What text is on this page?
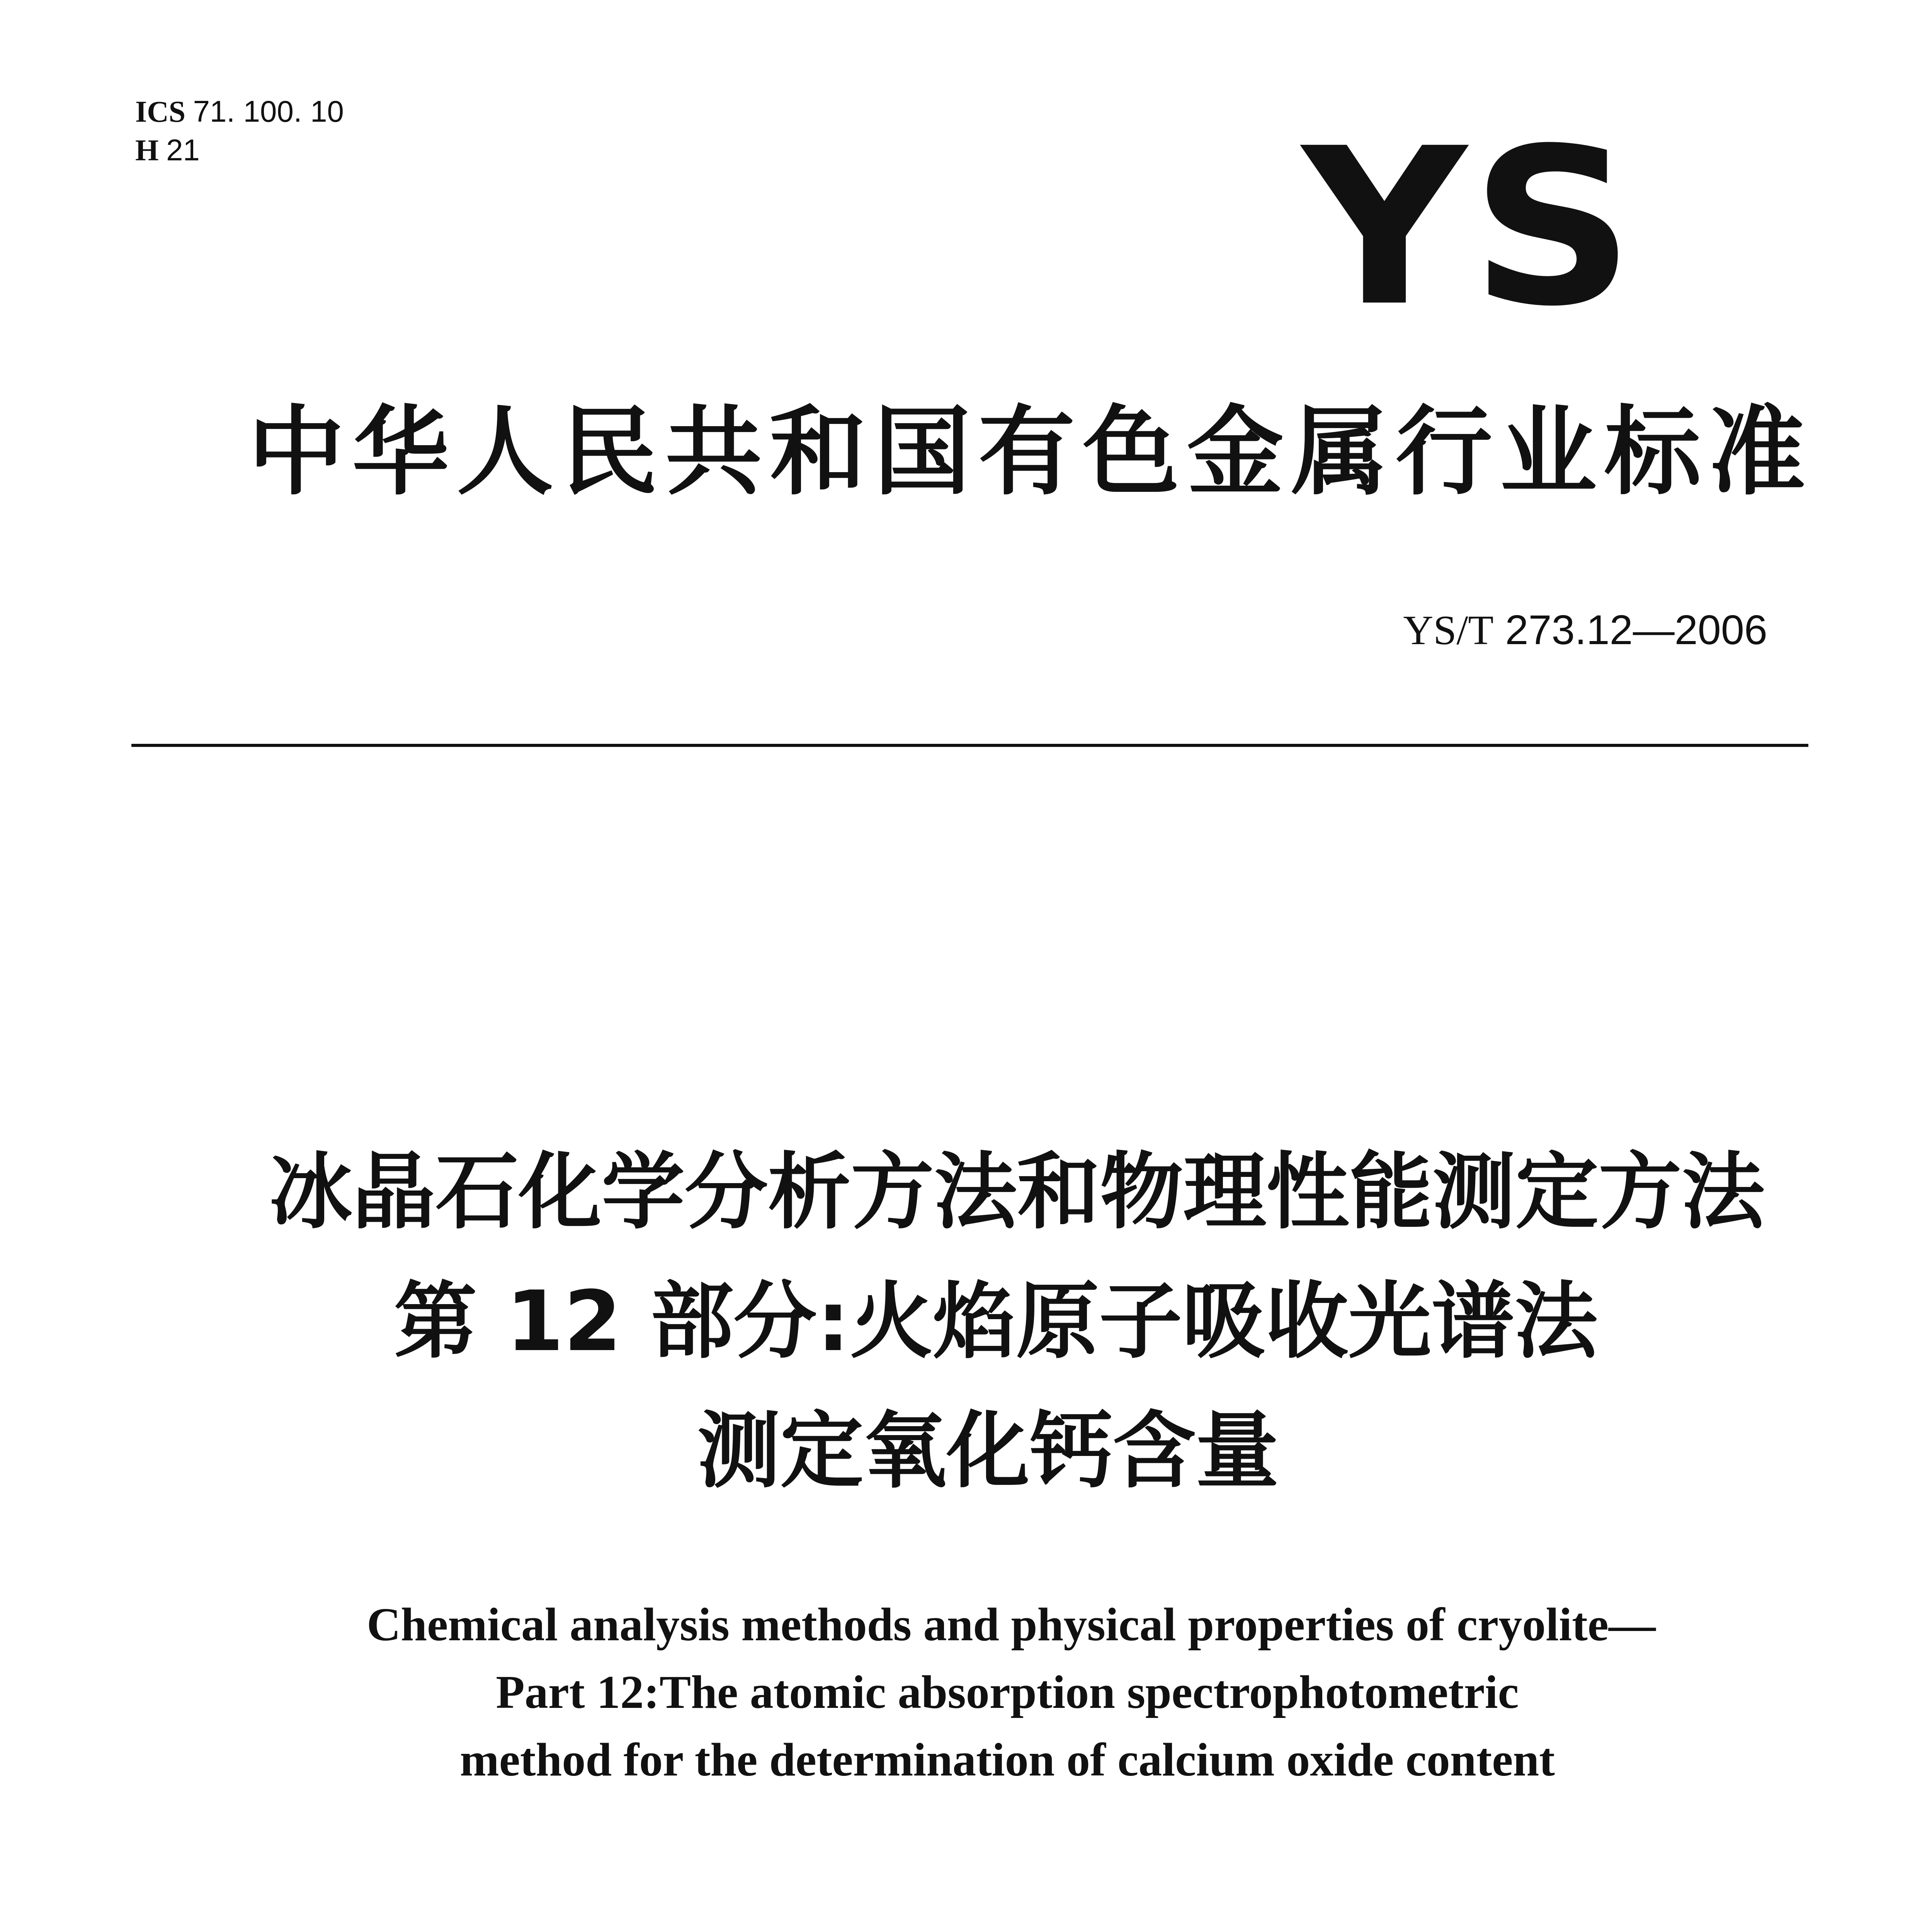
ICS 71. 100. 10
H 21	YS
中华人民共和国有色金属行业标准
YS/T 273.12—2006
冰晶石化学分析方法和物理性能测定方法
第 12 部分:火焰原子吸收光谱法
测定氧化钙含量
Chemical analysis methods and physical properties of cryolite—
Part 12:The atomic absorption spectrophotometric
method for the determination of calcium oxide content
